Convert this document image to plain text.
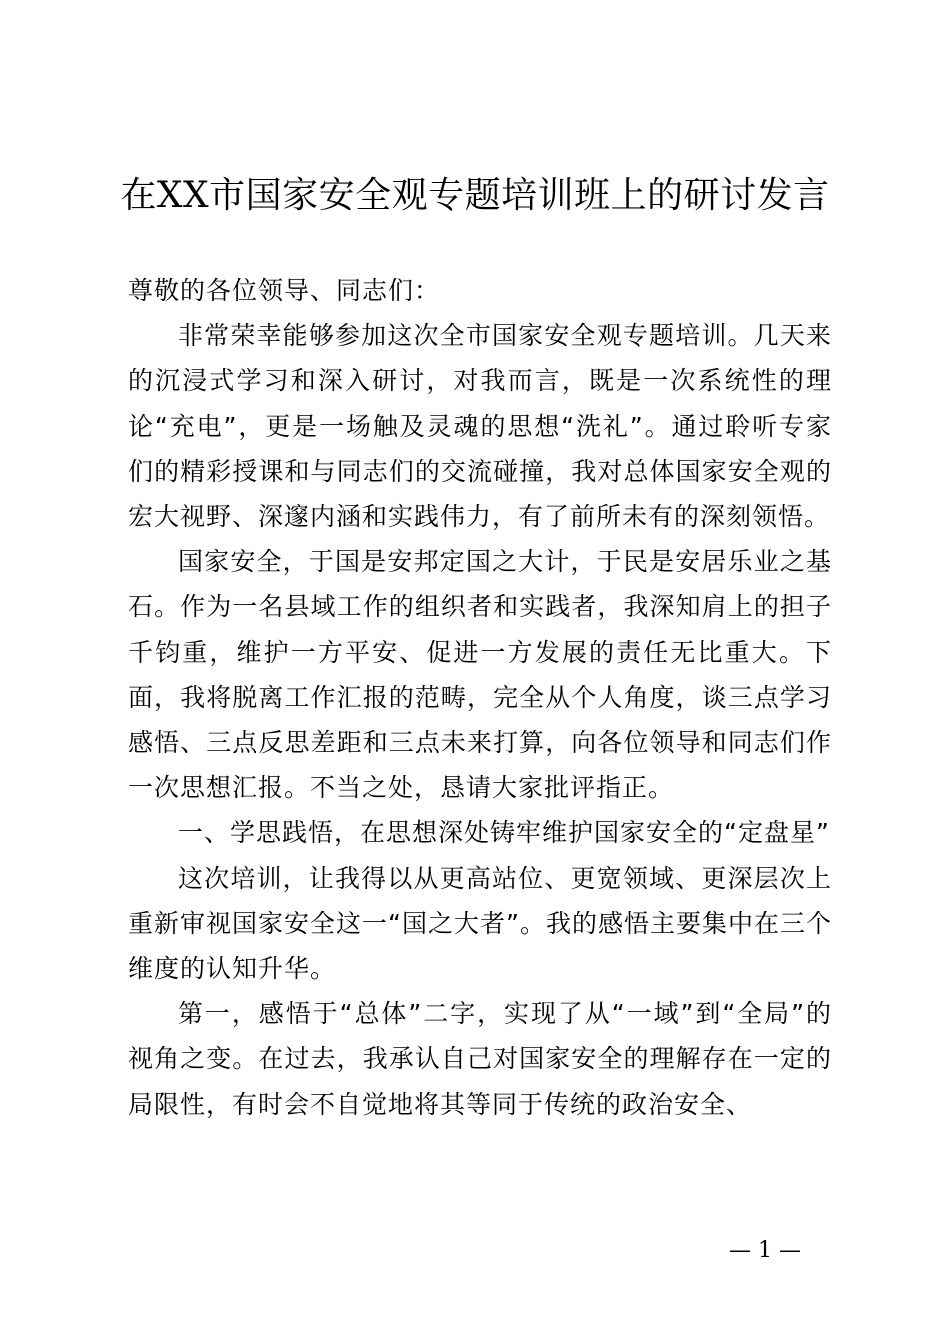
在XX市国家安全观专题培训班上的研讨发言

尊敬的各位领导、同志们：

非常荣幸能够参加这次全市国家安全观专题培训。几天来的沉浸式学习和深入研讨，对我而言，既是一次系统性的理论“充电”，更是一场触及灵魂的思想“洗礼”。通过聆听专家们的精彩授课和与同志们的交流碰撞，我对总体国家安全观的宏大视野、深邃内涵和实践伟力，有了前所未有的深刻领悟。

国家安全，于国是安邦定国之大计，于民是安居乐业之基石。作为一名县域工作的组织者和实践者，我深知肩上的担子千钧重，维护一方平安、促进一方发展的责任无比重大。下面，我将脱离工作汇报的范畴，完全从个人角度，谈三点学习感悟、三点反思差距和三点未来打算，向各位领导和同志们作一次思想汇报。不当之处，恳请大家批评指正。

一、学思践悟，在思想深处铸牢维护国家安全的“定盘星”

这次培训，让我得以从更高站位、更宽领域、更深层次上重新审视国家安全这一“国之大者”。我的感悟主要集中在三个维度的认知升华。

第一，感悟于“总体”二字，实现了从“一域”到“全局”的视角之变。在过去，我承认自己对国家安全的理解存在一定的局限性，有时会不自觉地将其等同于传统的政治安全、

— 1 —
